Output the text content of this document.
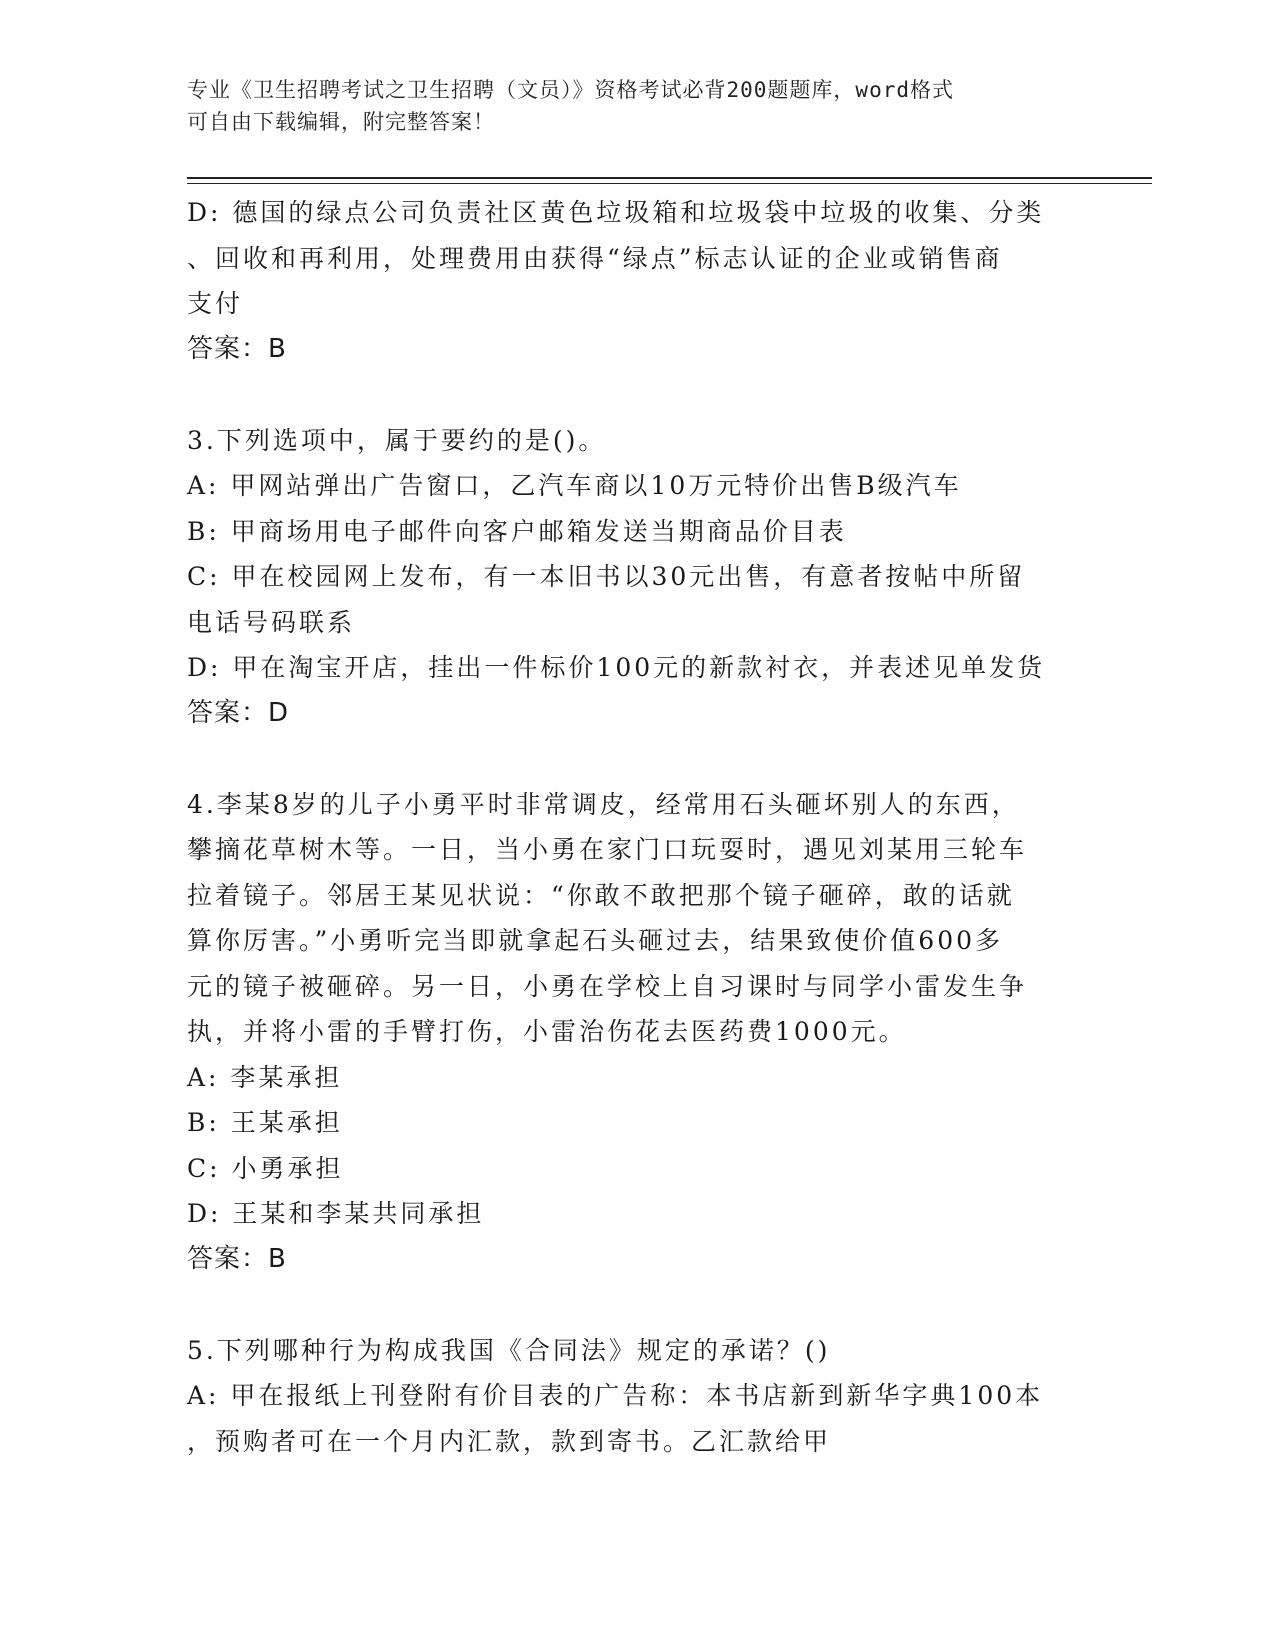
专业《卫生招聘考试之卫生招聘（文员）》资格考试必背200题题库，word格式
可自由下载编辑，附完整答案！
D: 德国的绿点公司负责社区黄色垃圾箱和垃圾袋中垃圾的收集、分类
、回收和再利用，处理费用由获得“绿点”标志认证的企业或销售商
支付
答案：B
3.下列选项中，属于要约的是()。
A: 甲网站弹出广告窗口，乙汽车商以10万元特价出售B级汽车
B: 甲商场用电子邮件向客户邮箱发送当期商品价目表
C: 甲在校园网上发布，有一本旧书以30元出售，有意者按帖中所留
电话号码联系
D: 甲在淘宝开店，挂出一件标价100元的新款衬衣，并表述见单发货
答案：D
4.李某8岁的儿子小勇平时非常调皮，经常用石头砸坏别人的东西，
攀摘花草树木等。一日，当小勇在家门口玩耍时，遇见刘某用三轮车
拉着镜子。邻居王某见状说：“你敢不敢把那个镜子砸碎，敢的话就
算你厉害。”小勇听完当即就拿起石头砸过去，结果致使价值600多
元的镜子被砸碎。另一日，小勇在学校上自习课时与同学小雷发生争
执，并将小雷的手臂打伤，小雷治伤花去医药费1000元。
A: 李某承担
B: 王某承担
C: 小勇承担
D: 王某和李某共同承担
答案：B
5.下列哪种行为构成我国《合同法》规定的承诺？()
A: 甲在报纸上刊登附有价目表的广告称：本书店新到新华字典100本
，预购者可在一个月内汇款，款到寄书。乙汇款给甲
